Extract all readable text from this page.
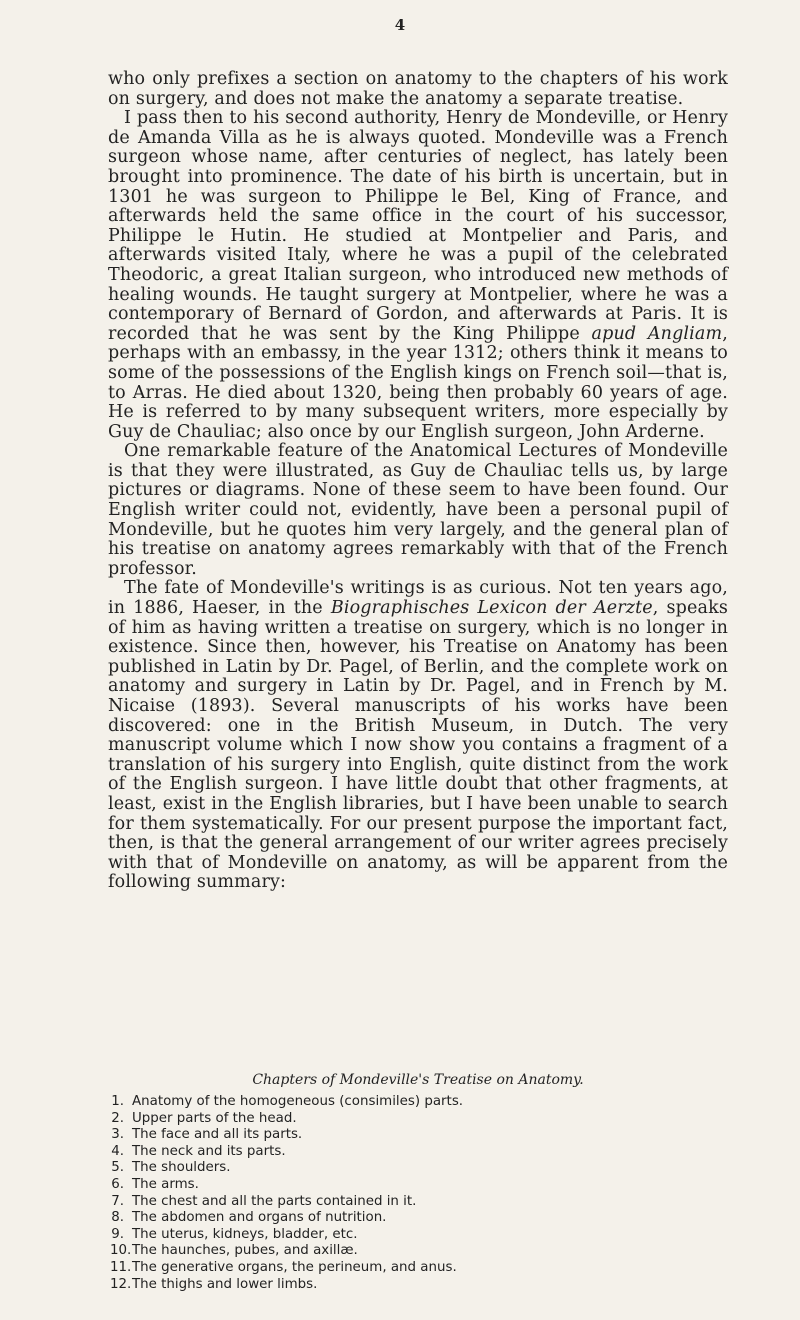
4

who only prefixes a section on anatomy to the chapters of his work on surgery, and does not make the anatomy a separate treatise.

I pass then to his second authority, Henry de Mondeville, or Henry de Amanda Villa as he is always quoted. Mondeville was a French surgeon whose name, after centuries of neglect, has lately been brought into prominence. The date of his birth is uncertain, but in 1301 he was surgeon to Philippe le Bel, King of France, and afterwards held the same office in the court of his successor, Philippe le Hutin. He studied at Montpelier and Paris, and afterwards visited Italy, where he was a pupil of the celebrated Theodoric, a great Italian surgeon, who introduced new methods of healing wounds. He taught surgery at Montpelier, where he was a contemporary of Bernard of Gordon, and afterwards at Paris. It is recorded that he was sent by the King Philippe apud Angliam, perhaps with an embassy, in the year 1312; others think it means to some of the possessions of the English kings on French soil—that is, to Arras. He died about 1320, being then probably 60 years of age. He is referred to by many subsequent writers, more especially by Guy de Chauliac; also once by our English surgeon, John Arderne.

One remarkable feature of the Anatomical Lectures of Mondeville is that they were illustrated, as Guy de Chauliac tells us, by large pictures or diagrams. None of these seem to have been found. Our English writer could not, evidently, have been a personal pupil of Mondeville, but he quotes him very largely, and the general plan of his treatise on anatomy agrees remarkably with that of the French professor.

The fate of Mondeville's writings is as curious. Not ten years ago, in 1886, Haeser, in the Biographisches Lexicon der Aerzte, speaks of him as having written a treatise on surgery, which is no longer in existence. Since then, however, his Treatise on Anatomy has been published in Latin by Dr. Pagel, of Berlin, and the complete work on anatomy and surgery in Latin by Dr. Pagel, and in French by M. Nicaise (1893). Several manuscripts of his works have been discovered: one in the British Museum, in Dutch. The very manuscript volume which I now show you contains a fragment of a translation of his surgery into English, quite distinct from the work of the English surgeon. I have little doubt that other fragments, at least, exist in the English libraries, but I have been unable to search for them systematically. For our present purpose the important fact, then, is that the general arrangement of our writer agrees precisely with that of Mondeville on anatomy, as will be apparent from the following summary:

Chapters of Mondeville's Treatise on Anatomy.
1. Anatomy of the homogeneous (consimiles) parts.
2. Upper parts of the head.
3. The face and all its parts.
4. The neck and its parts.
5. The shoulders.
6. The arms.
7. The chest and all the parts contained in it.
8. The abdomen and organs of nutrition.
9. The uterus, kidneys, bladder, etc.
10. The haunches, pubes, and axillæ.
11. The generative organs, the perineum, and anus.
12. The thighs and lower limbs.
